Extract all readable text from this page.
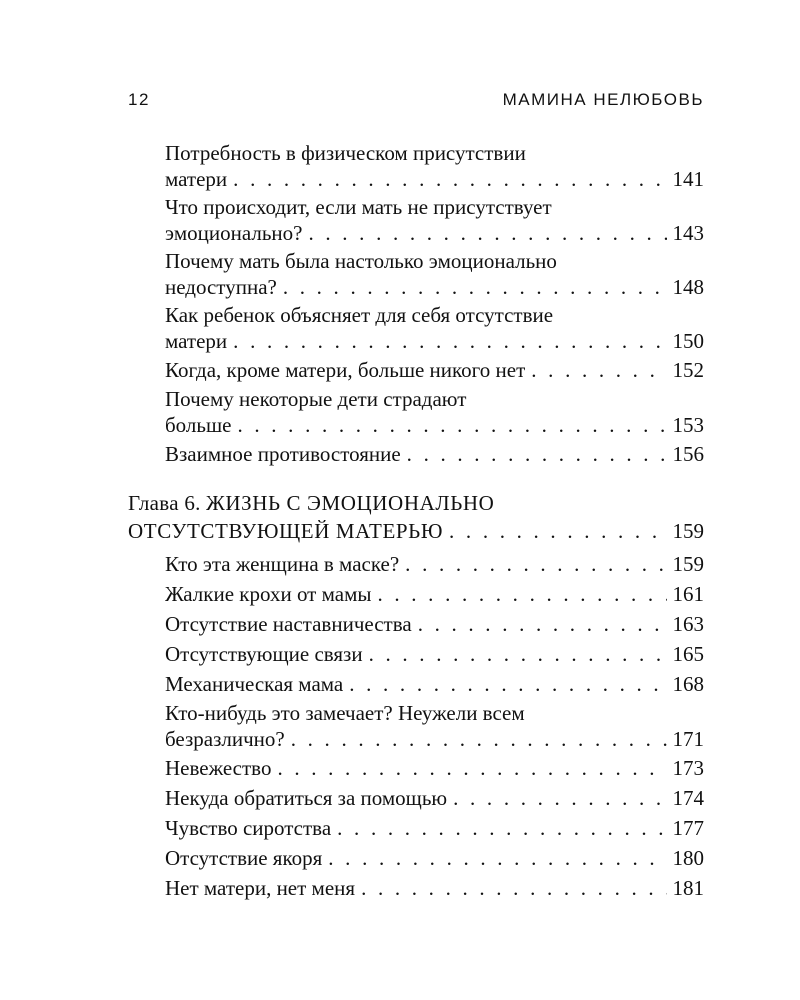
12	МАМИНА НЕЛЮБОВЬ
Потребность в физическом присутствии
матери . . .	141
Что происходит, если мать не присутствует
эмоционально? . . .	143
Почему мать была настолько эмоционально
недоступна? . . .	148
Как ребенок объясняет для себя отсутствие
матери . . .	150
Когда, кроме матери, больше никого нет . . .	152
Почему некоторые дети страдают
больше . . .	153
Взаимное противостояние . . .	156
Глава 6. ЖИЗНЬ С ЭМОЦИОНАЛЬНО
ОТСУТСТВУЮЩЕЙ МАТЕРЬЮ . . .	159
Кто эта женщина в маске? . . .	159
Жалкие крохи от мамы . . .	161
Отсутствие наставничества . . .	163
Отсутствующие связи . . .	165
Механическая мама . . .	168
Кто-нибудь это замечает? Неужели всем
безразлично? . . .	171
Невежество . . .	173
Некуда обратиться за помощью . . .	174
Чувство сиротства . . .	177
Отсутствие якоря . . .	180
Нет матери, нет меня . . .	181
